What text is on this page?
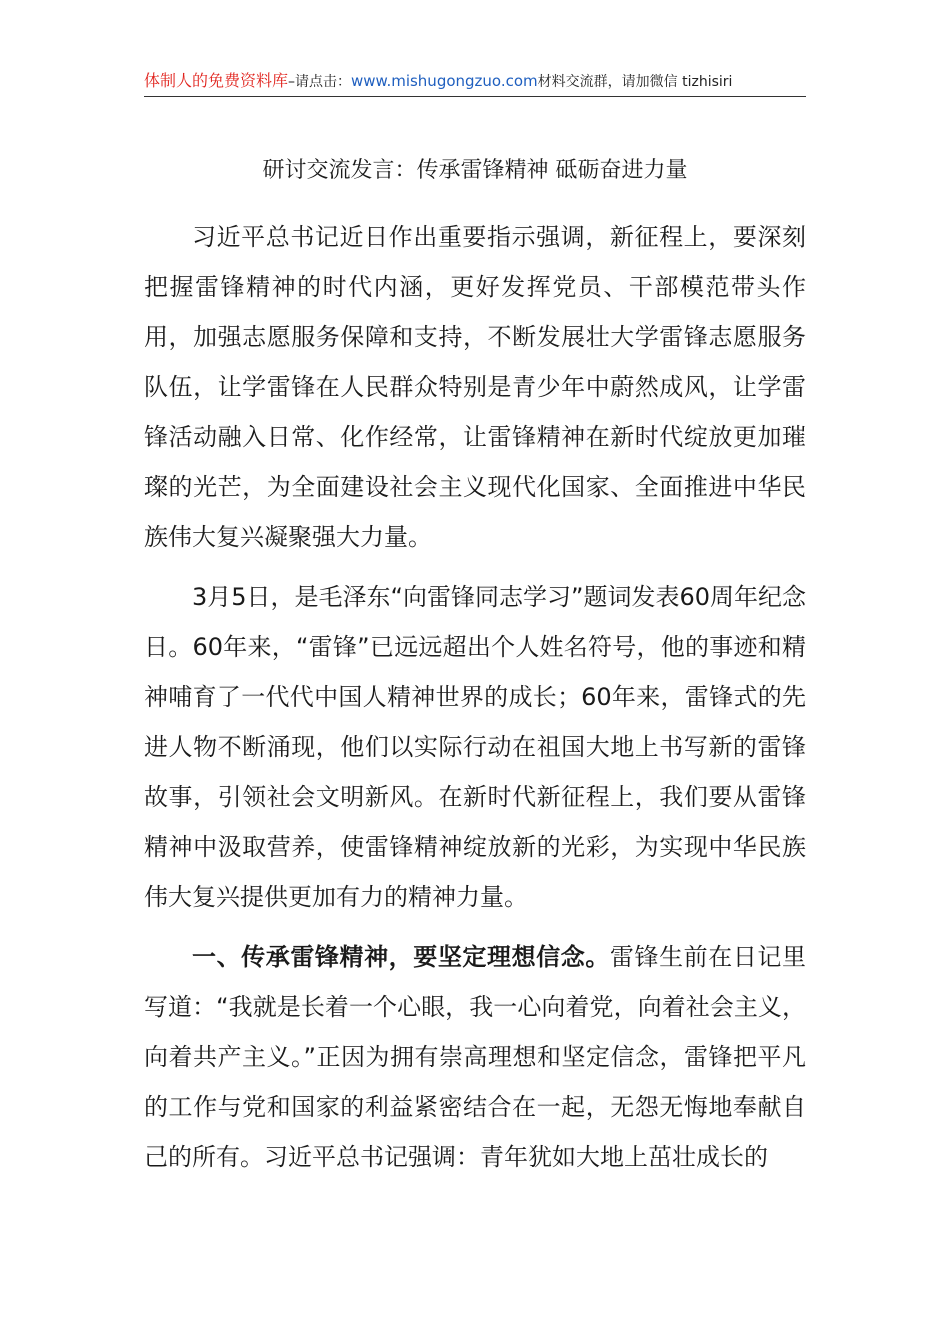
体制人的免费资料库–请点击：www.mishugongzuo.com材料交流群，请加微信 tizhisiri
研讨交流发言：传承雷锋精神 砥砺奋进力量

习近平总书记近日作出重要指示强调，新征程上，要深刻把握雷锋精神的时代内涵，更好发挥党员、干部模范带头作用，加强志愿服务保障和支持，不断发展壮大学雷锋志愿服务队伍，让学雷锋在人民群众特别是青少年中蔚然成风，让学雷锋活动融入日常、化作经常，让雷锋精神在新时代绽放更加璀璨的光芒，为全面建设社会主义现代化国家、全面推进中华民族伟大复兴凝聚强大力量。

3月5日，是毛泽东“向雷锋同志学习”题词发表60周年纪念日。60年来，“雷锋”已远远超出个人姓名符号，他的事迹和精神哺育了一代代中国人精神世界的成长；60年来，雷锋式的先进人物不断涌现，他们以实际行动在祖国大地上书写新的雷锋故事，引领社会文明新风。在新时代新征程上，我们要从雷锋精神中汲取营养，使雷锋精神绽放新的光彩，为实现中华民族伟大复兴提供更加有力的精神力量。

一、传承雷锋精神，要坚定理想信念。雷锋生前在日记里写道：“我就是长着一个心眼，我一心向着党，向着社会主义，向着共产主义。”正因为拥有崇高理想和坚定信念，雷锋把平凡的工作与党和国家的利益紧密结合在一起，无怨无悔地奉献自己的所有。习近平总书记强调：青年犹如大地上茁壮成长的
